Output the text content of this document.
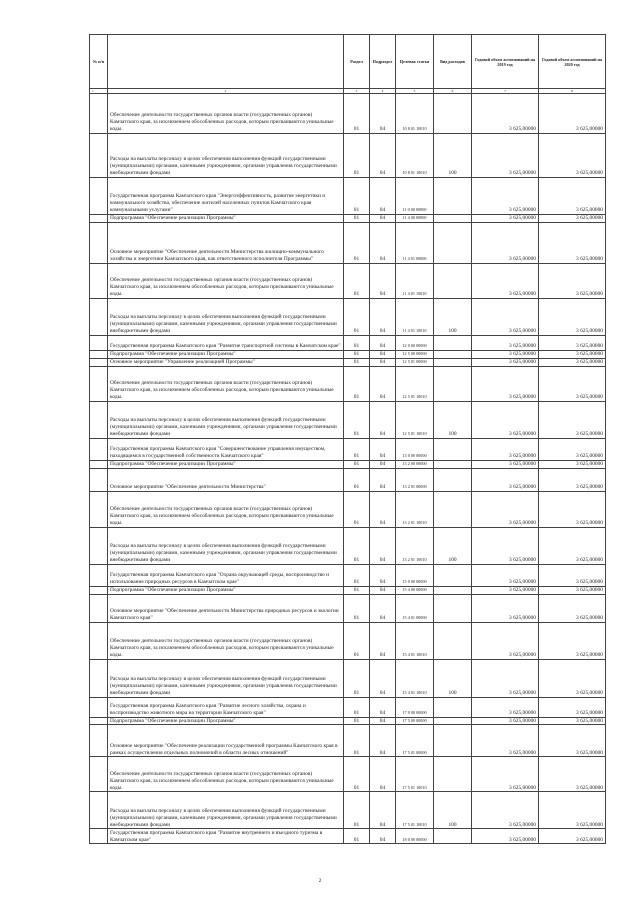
№ п/п		Раздел	Подраздел	Целевая статья	Вид расходов	Годовой объем ассигнований на 2019 год	Годовой объем ассигнований на 2020 год
1	2	3	4	5	6	7	8
	Обеспечение деятельности государственных органов власти (государственных органов) Камчатского края, за исключением обособленных расходов, которым присваиваются уникальные коды.	01	04	10 8 01 10010		3 625,00000	3 625,00000
	Расходы на выплаты персоналу в целях обеспечения выполнения функций государственными (муниципальными) органами, казенными учреждениями, органами управления государственными внебюджетными фондами	01	04	10 8 01 10010	100	3 625,00000	3 625,00000
	Государственная программа Камчатского края "Энергоэффективность, развитие энергетики и коммунального хозяйства, обеспечение жителей населенных пунктов Камчатского края коммунальными услугами"	01	04	11 0 00 00000		3 625,00000	3 625,00000
	Подпрограмма "Обеспечение реализации Программы"	01	04	11 4 00 00000		3 625,00000	3 625,00000
	Основное мероприятие "Обеспечение деятельности Министерства жилищно-коммунального хозяйства и энергетики Камчатского края, как ответственного исполнителя Программы"	01	04	11 4 01 00000		3 625,00000	3 625,00000
	Обеспечение деятельности государственных органов власти (государственных органов) Камчатского края, за исключением обособленных расходов, которым присваиваются уникальные коды.	01	04	11 4 01 10010		3 625,00000	3 625,00000
	Расходы на выплаты персоналу в целях обеспечения выполнения функций государственными (муниципальными) органами, казенными учреждениями, органами управления государственными внебюджетными фондами	01	04	11 4 01 10010	100	3 625,00000	3 625,00000
	Государственная программа Камчатского края "Развитие транспортной системы в Камчатском крае"	01	04	12 0 00 00000		3 625,00000	3 625,00000
	Подпрограмма "Обеспечение реализации Программы"	01	04	12 5 00 00000		3 625,00000	3 625,00000
	Основное мероприятие "Управление реализацией Программы"	01	04	12 5 01 00000		3 625,00000	3 625,00000
	Обеспечение деятельности государственных органов власти (государственных органов) Камчатского края, за исключением обособленных расходов, которым присваиваются уникальные коды.	01	04	12 5 01 10010		3 625,00000	3 625,00000
	Расходы на выплаты персоналу в целях обеспечения выполнения функций государственными (муниципальными) органами, казенными учреждениями, органами управления государственными внебюджетными фондами	01	04	12 5 01 10010	100	3 625,00000	3 625,00000
	Государственная программа Камчатского края "Совершенствование управления имуществом, находящимся в государственной собственности Камчатского края"	01	04	13 0 00 00000		3 625,00000	3 625,00000
	Подпрограмма "Обеспечение реализации Программы"	01	04	13 2 00 00000		3 625,00000	3 625,00000
	Основное мероприятие "Обеспечение деятельности Министерства"	01	04	13 2 01 00000		3 625,00000	3 625,00000
	Обеспечение деятельности государственных органов власти (государственных органов) Камчатского края, за исключением обособленных расходов, которым присваиваются уникальные коды.	01	04	13 2 01 10010		3 625,00000	3 625,00000
	Расходы на выплаты персоналу в целях обеспечения выполнения функций государственными (муниципальными) органами, казенными учреждениями, органами управления государственными внебюджетными фондами	01	04	13 2 01 10010	100	3 625,00000	3 625,00000
	Государственная программа Камчатского края "Охрана окружающей среды, воспроизводство и использование природных ресурсов в Камчатском крае"	01	04	15 0 00 00000		3 625,00000	3 625,00000
	Подпрограмма "Обеспечение реализации Программы"	01	04	15 4 00 00000		3 625,00000	3 625,00000
	Основное мероприятие "Обеспечение деятельности Министерства природных ресурсов и экологии Камчатского края"	01	04	15 4 01 00000		3 625,00000	3 625,00000
	Обеспечение деятельности государственных органов власти (государственных органов) Камчатского края, за исключением обособленных расходов, которым присваиваются уникальные коды.	01	04	15 4 01 10010		3 625,00000	3 625,00000
	Расходы на выплаты персоналу в целях обеспечения выполнения функций государственными (муниципальными) органами, казенными учреждениями, органами управления государственными внебюджетными фондами	01	04	15 4 01 10010	100	3 625,00000	3 625,00000
	Государственная программа Камчатского края "Развитие лесного хозяйства, охрана и воспроизводство животного мира на территории Камчатского края"	01	04	17 0 00 00000		3 625,00000	3 625,00000
	Подпрограмма "Обеспечение реализации Программы"	01	04	17 5 00 00000		3 625,00000	3 625,00000
	Основное мероприятие "Обеспечение реализации государственной программы Камчатского края в рамках осуществления отдельных полномочий в области лесных отношений"	01	04	17 5 01 00000		3 625,00000	3 625,00000
	Обеспечение деятельности государственных органов власти (государственных органов) Камчатского края, за исключением обособленных расходов, которым присваиваются уникальные коды.	01	04	17 5 01 10010		3 625,00000	3 625,00000
	Расходы на выплаты персоналу в целях обеспечения выполнения функций государственными (муниципальными) органами, казенными учреждениями, органами управления государственными внебюджетными фондами	01	04	17 5 01 10010	100	3 625,00000	3 625,00000
	Государственная программа Камчатского края "Развитие внутреннего и въездного туризма в Камчатском крае"	01	04	18 0 00 00000		3 625,00000	3 625,00000
2
